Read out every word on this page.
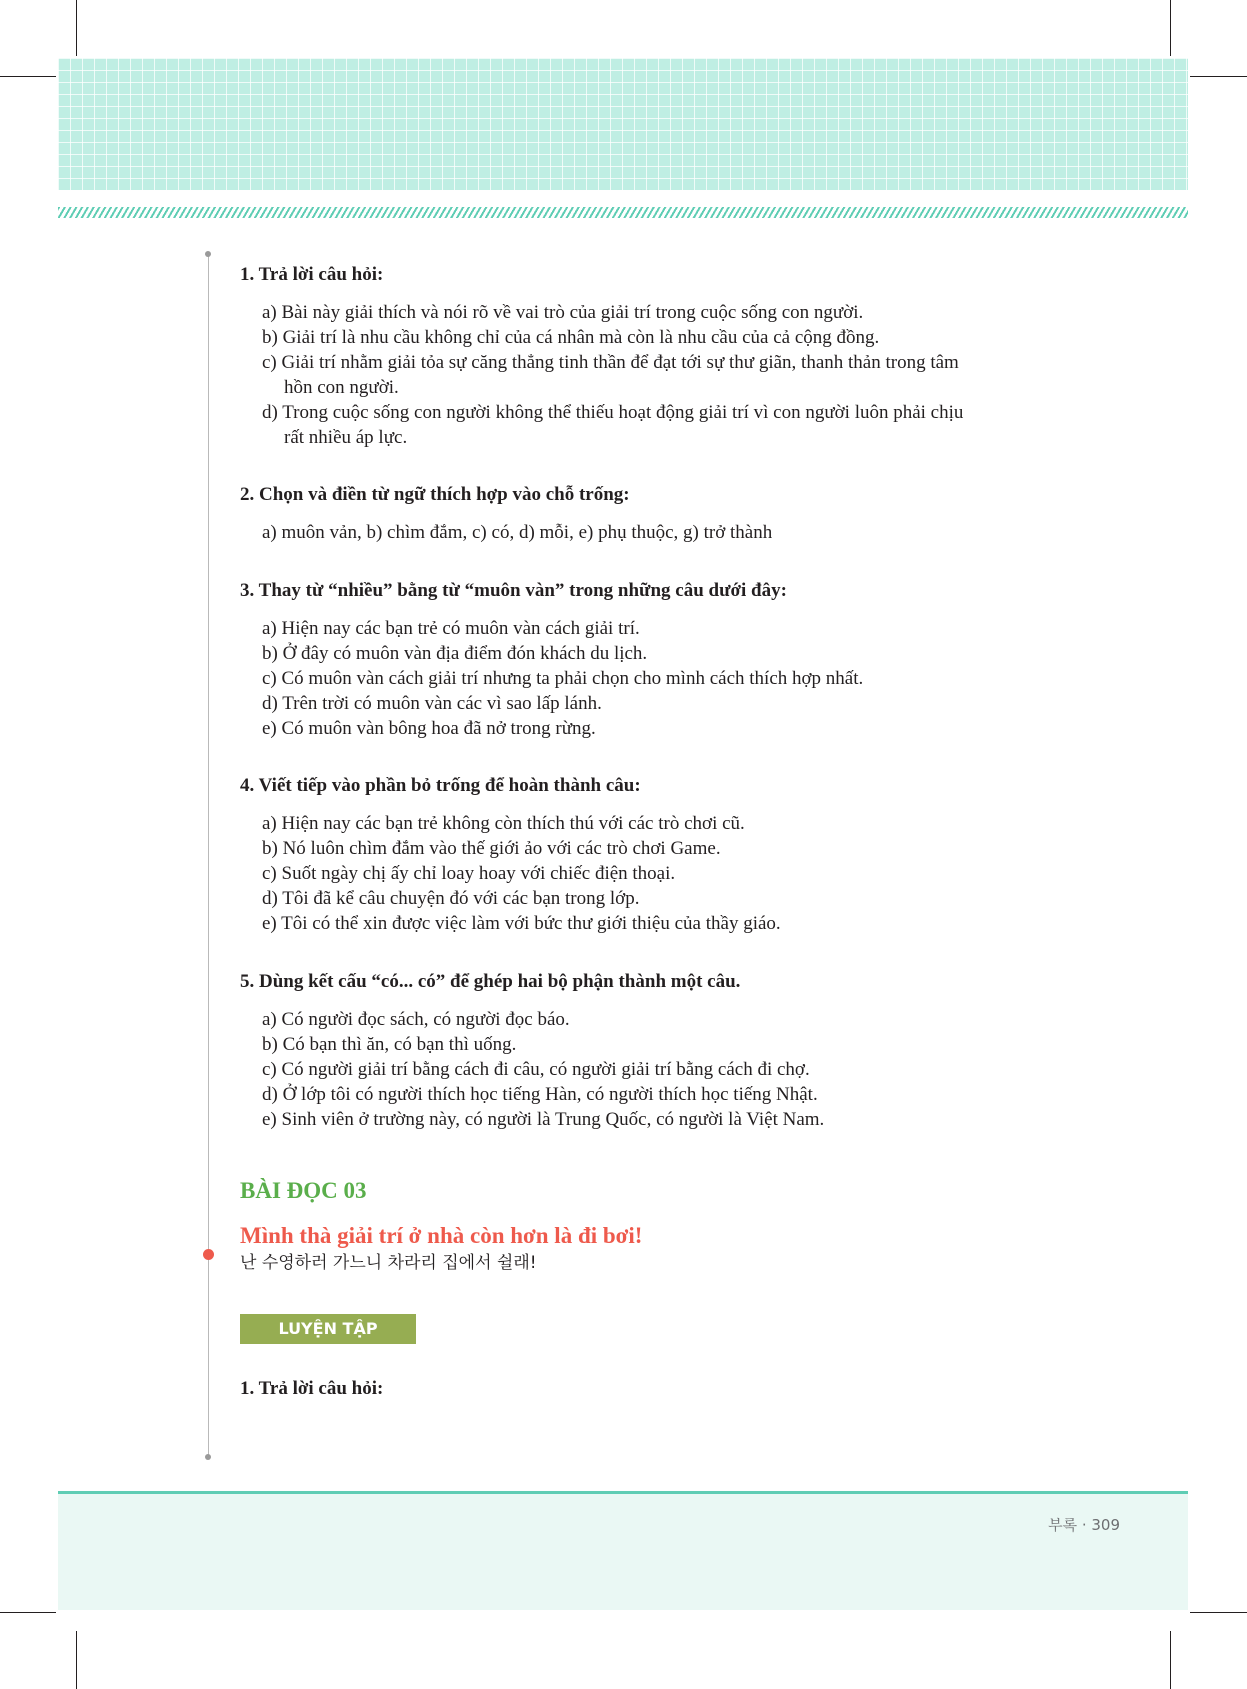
1. Trả lời câu hỏi:

a) Bài này giải thích và nói rõ về vai trò của giải trí trong cuộc sống con người.
b) Giải trí là nhu cầu không chỉ của cá nhân mà còn là nhu cầu của cả cộng đồng.
c) Giải trí nhằm giải tỏa sự căng thẳng tinh thần để đạt tới sự thư giãn, thanh thản trong tâm
hồn con người.
d) Trong cuộc sống con người không thể thiếu hoạt động giải trí vì con người luôn phải chịu
rất nhiều áp lực.

2. Chọn và điền từ ngữ thích hợp vào chỗ trống:

a) muôn vản, b) chìm đắm, c) có, d) mỗi, e) phụ thuộc, g) trở thành

3. Thay từ “nhiều” bằng từ “muôn vàn” trong những câu dưới đây:

a) Hiện nay các bạn trẻ có muôn vàn cách giải trí.
b) Ở đây có muôn vàn địa điểm đón khách du lịch.
c) Có muôn vàn cách giải trí nhưng ta phải chọn cho mình cách thích hợp nhất.
d) Trên trời có muôn vàn các vì sao lấp lánh.
e) Có muôn vàn bông hoa đã nở trong rừng.

4. Viết tiếp vào phần bỏ trống để hoàn thành câu:

a) Hiện nay các bạn trẻ không còn thích thú với các trò chơi cũ.
b) Nó luôn chìm đắm vào thế giới ảo với các trò chơi Game.
c) Suốt ngày chị ấy chỉ loay hoay với chiếc điện thoại.
d) Tôi đã kể câu chuyện đó với các bạn trong lớp.
e) Tôi có thể xin được việc làm với bức thư giới thiệu của thầy giáo.

5. Dùng kết cấu “có... có” để ghép hai bộ phận thành một câu.

a) Có người đọc sách, có người đọc báo.
b) Có bạn thì ăn, có bạn thì uống.
c) Có người giải trí bằng cách đi câu, có người giải trí bằng cách đi chợ.
d) Ở lớp tôi có người thích học tiếng Hàn, có người thích học tiếng Nhật.
e) Sinh viên ở trường này, có người là Trung Quốc, có người là Việt Nam.

BÀI ĐỌC 03

Mình thà giải trí ở nhà còn hơn là đi bơi!

난 수영하러 가느니 차라리 집에서 쉴래!

LUYỆN TẬP

1. Trả lời câu hỏi:

부록 · 309
